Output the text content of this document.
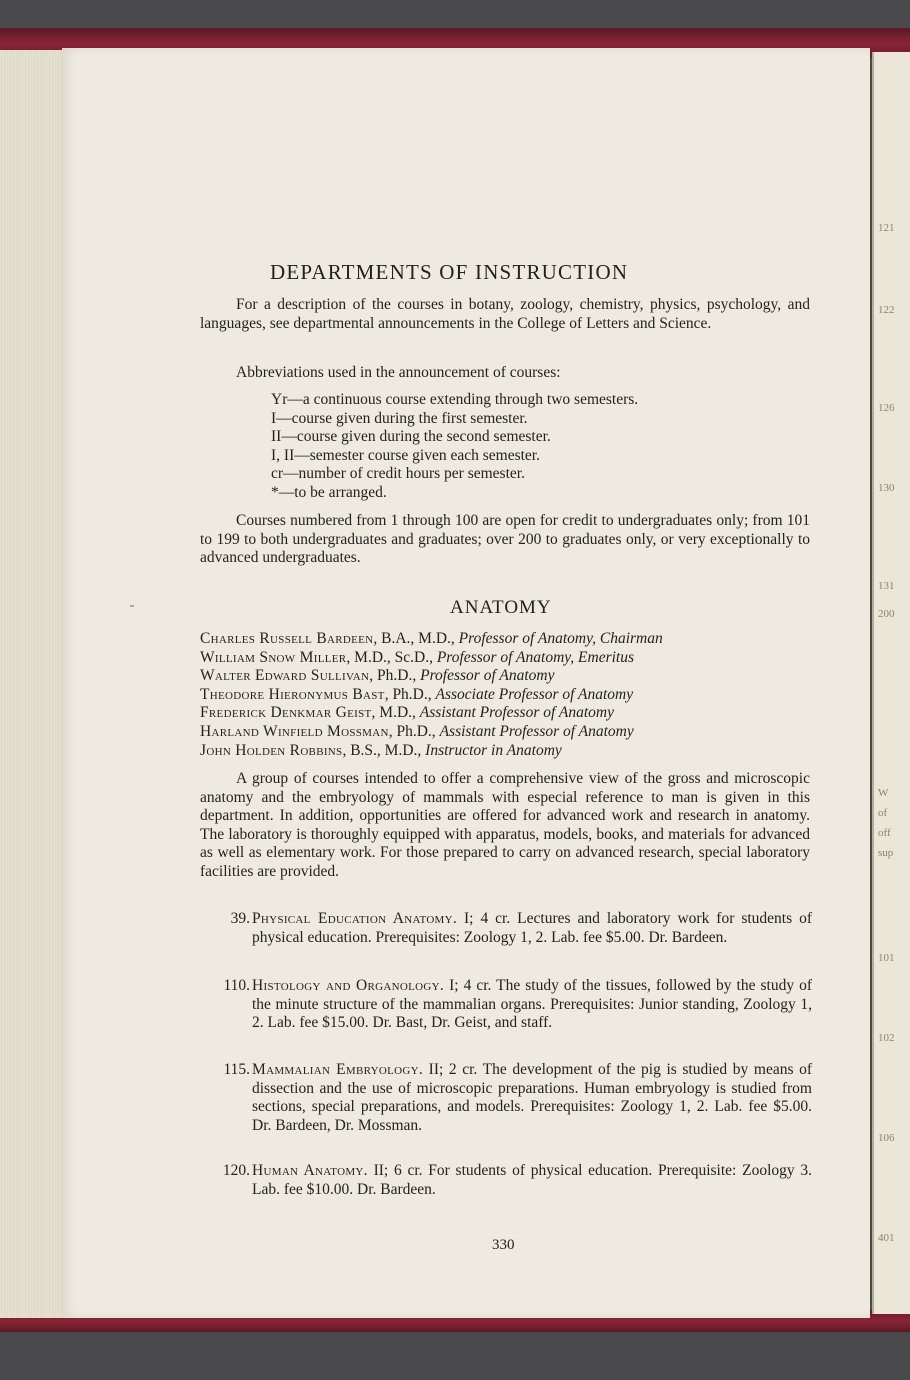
121
122
126
130
131
200
W
of
off
sup
101
102
106
401
DEPARTMENTS OF INSTRUCTION
For a description of the courses in botany, zoology, chemistry, physics, psychology, and languages, see departmental announcements in the College of Letters and Science.
Abbreviations used in the announcement of courses:
Yr—a continuous course extending through two semesters.
I—course given during the first semester.
II—course given during the second semester.
I, II—semester course given each semester.
cr—number of credit hours per semester.
*—to be arranged.
Courses numbered from 1 through 100 are open for credit to undergraduates only; from 101 to 199 to both undergraduates and graduates; over 200 to graduates only, or very exceptionally to advanced undergraduates.
ANATOMY
Charles Russell Bardeen, B.A., M.D., Professor of Anatomy, Chairman
William Snow Miller, M.D., Sc.D., Professor of Anatomy, Emeritus
Walter Edward Sullivan, Ph.D., Professor of Anatomy
Theodore Hieronymus Bast, Ph.D., Associate Professor of Anatomy
Frederick Denkmar Geist, M.D., Assistant Professor of Anatomy
Harland Winfield Mossman, Ph.D., Assistant Professor of Anatomy
John Holden Robbins, B.S., M.D., Instructor in Anatomy
A group of courses intended to offer a comprehensive view of the gross and microscopic anatomy and the embryology of mammals with especial reference to man is given in this department. In addition, opportunities are offered for advanced work and research in anatomy. The laboratory is thoroughly equipped with apparatus, models, books, and materials for advanced as well as elementary work. For those prepared to carry on advanced research, special laboratory facilities are provided.
39. Physical Education Anatomy. I; 4 cr. Lectures and laboratory work for students of physical education. Prerequisites: Zoology 1, 2. Lab. fee $5.00. Dr. Bardeen.
110. Histology and Organology. I; 4 cr. The study of the tissues, followed by the study of the minute structure of the mammalian organs. Prerequisites: Junior standing, Zoology 1, 2. Lab. fee $15.00. Dr. Bast, Dr. Geist, and staff.
115. Mammalian Embryology. II; 2 cr. The development of the pig is studied by means of dissection and the use of microscopic preparations. Human embryology is studied from sections, special preparations, and models. Prerequisites: Zoology 1, 2. Lab. fee $5.00. Dr. Bardeen, Dr. Mossman.
120. Human Anatomy. II; 6 cr. For students of physical education. Prerequisite: Zoology 3. Lab. fee $10.00. Dr. Bardeen.
330
